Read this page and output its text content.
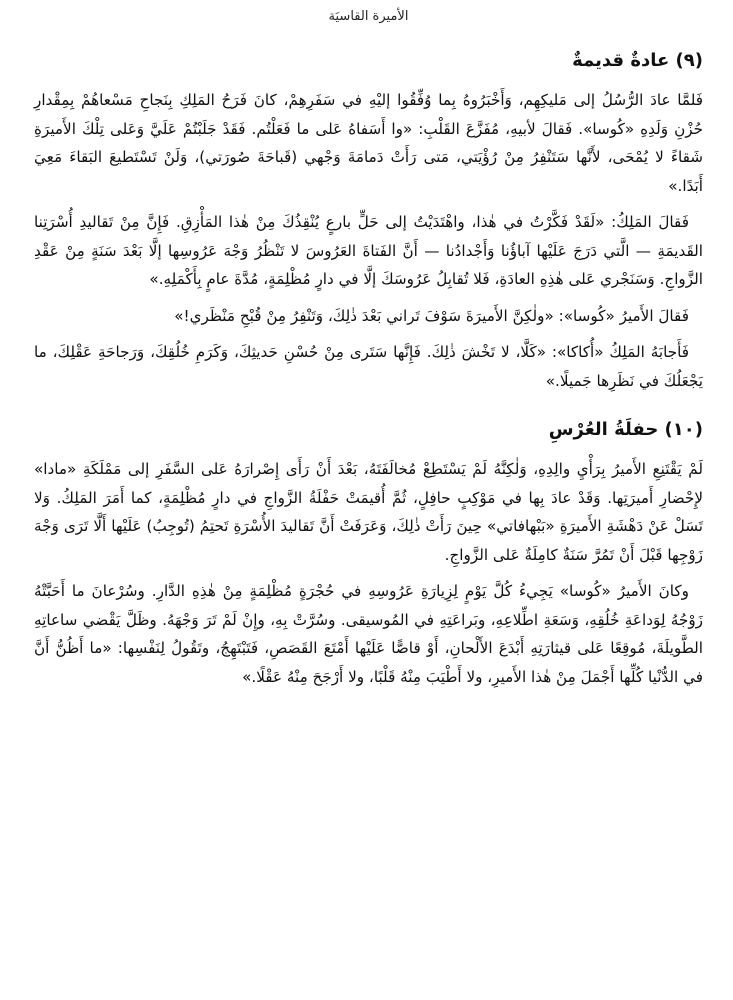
الأميرة القاسيَة
(٩) عادةٌ قديمةٌ

فَلمَّا عادَ الرُّسُلُ إلى مَليكِهِم، وَأَخْبَرُوهُ بِما وُفِّقُوا إليْهِ في سَفَرِهِمْ، كانَ فَرَحُ المَلِكِ بِنَجاحِ مَسْعاهُمْ بِمِقْدارِ حُزْنِ وَلَدِهِ «كُوسا». فَقالَ لأبيهِ، مُفَزَّعَ القَلْبِ: «وا أَسَفاهُ عَلى ما فَعَلْتُم. فَقَدْ جَلَبْتُمْ عَلَيَّ وَعَلى تِلْكَ الأَميرَةِ شَقاءً لا يُمْحَى، لأَنَّها سَتَنْفِرُ مِنْ رُؤْيَتي، مَتى رَأَتْ دَمامَةَ وَجْهي (قَباحَةَ صُورَتي)، وَلَنْ تَسْتَطيعَ البَقاءَ مَعِيَ أَبَدًا.»

فَقالَ المَلِكُ: «لَقَدْ فَكَّرْتُ في هٰذا، واهْتَدَيْتُ إلى حَلٍّ بارعٍ يُنْقِذُكَ مِنْ هٰذا المَأْزِقِ. فَإِنَّ مِنْ تَقاليدِ أُسْرَتِنا القَديمَةِ — الَّتي دَرَجَ عَلَيْها آباؤُنا وَأَجْدادُنا — أَنَّ الفَتاةَ العَرُوسَ لا تَنْظُرُ وَجْهَ عَرُوسِها إلَّا بَعْدَ سَنَةٍ مِنْ عَقْدِ الزَّواجِ. وَسَنَجْري عَلى هٰذِهِ العادَةِ، فَلا تُقابِلُ عَرُوسَكَ إلَّا في دارٍ مُظْلِمَةٍ، مُدَّةَ عامٍ بِأَكْمَلِهِ.»

فَقالَ الأَميرُ «كُوسا»: «ولٰكِنَّ الأَميرَةَ سَوْفَ تَراني بَعْدَ ذٰلِكَ، وَتَنْفِرُ مِنْ قُبْحِ مَنْظَري!»

فَأَجابَهُ المَلِكُ «أُكاكا»: «كَلَّا، لا تَخْشَ ذٰلِكَ. فَإِنَّها سَتَرى مِنْ حُسْنِ حَديثِكَ، وَكَرَمِ خُلُقِكَ، وَرَجاحَةِ عَقْلِكَ، ما يَجْعَلُكَ في نَظَرِها جَميلًا.»

(١٠) حفلَةُ العُرْسِ

لَمْ يَقْتَنِعِ الأَميرُ بِرَأْيِ والِدِهِ، وَلٰكِنَّهُ لَمْ يَسْتَطِعْ مُخالَفَتَهُ، بَعْدَ أَنْ رَأَى إِصْرارَهُ عَلى السَّفَرِ إلى مَمْلَكَةِ «مادا» لإِحْضارِ أَميرَتِها. وَقَدْ عادَ بِها في مَوْكِبٍ حافِلٍ، ثُمَّ أُقيمَتْ حَفْلَةُ الزَّواجِ في دارٍ مُظْلِمَةٍ، كما أَمَرَ المَلِكُ. وَلا تَسَلْ عَنْ دَهْشَةِ الأَميرَةِ «بَبْهافاتي» حِينَ رَأَتْ ذٰلِكَ، وَعَرَفَتْ أَنَّ تَقاليدَ الأُسْرَةِ تَحتِمُ (تُوجِبُ) عَلَيْها أَلَّا تَرَى وَجْهَ زَوْجِها قَبْلَ أَنْ تَمُرَّ سَنَةٌ كامِلَةٌ عَلى الزَّواجِ.

وكانَ الأَميرُ «كُوسا» يَجِيءُ كُلَّ يَوْمٍ لِزِيارَةِ عَرُوسِهِ في حُجْرَةٍ مُظْلِمَةٍ مِنْ هٰذِهِ الدَّارِ. وسُرْعانَ ما أَحَبَّتْهُ زَوْجُهُ لِوَداعَةِ خُلُقِهِ، وَسَعَةِ اطِّلاعِهِ، وبَراعَتِهِ في المُوسيقى. وسُرَّتْ بِهِ، وإِنْ لَمْ تَرَ وَجْهَهُ. وظَلَّ يَقْضي ساعاتِهِ الطَّويلَةَ، مُوقِعًا عَلى قيثارَتِهِ أَبْدَعَ الأَلْحانِ، أَوْ قاصًّا عَلَيْها أَمْتَعَ القَصَصِ، فَتَبْتَهِجُ، وتَقُولُ لِنَفْسِها: «ما أَظُنُّ أَنَّ في الدُّنْيا كُلِّها أَجْمَلَ مِنْ هٰذا الأَميرِ، ولا أَطْيَبَ مِنْهُ قَلْبًا، ولا أَرْجَحَ مِنْهُ عَقْلًا.»
